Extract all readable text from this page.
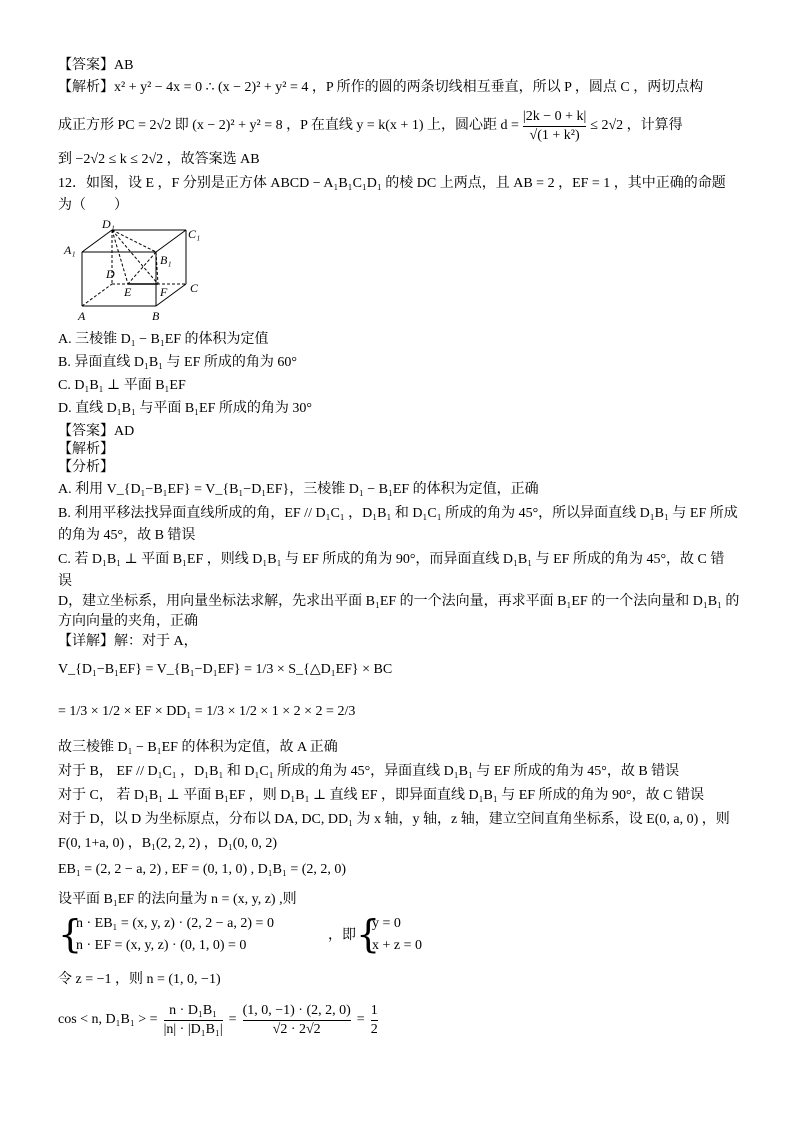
【答案】AB
【解析】x² + y² − 4x = 0 ∴ (x − 2)² + y² = 4 ，P 所作的圆的两条切线相互垂直，所以 P ，圆点 C ，两切点构
成正方形 PC = 2√2 即 (x − 2)² + y² = 8 ，P 在直线 y = k(x + 1) 上，圆心距 $d = \frac{|2k - 0 + k|}{\text{√(1 + k²)}} \le 2√2$ ，计算得
到 −2√2 ≤ k ≤ 2√2 ，故答案选 AB
12．如图，设 E ，F 分别是正方体 ABCD − A₁B₁C₁D₁ 的棱 DC 上两点，且 AB = 2 ，EF = 1 ，其中正确的命题
为（　　）
D₁
C₁
A₁
B₁
D
E F C
A	B
A. 三棱锥 D₁ − B₁EF 的体积为定值
B. 异面直线 D₁B₁ 与 EF 所成的角为 60°
C. D₁B₁ ⊥ 平面 B₁EF
D. 直线 D₁B₁ 与平面 B₁EF 所成的角为 30°
【答案】AD
【解析】
【分析】
A. 利用 V_{D₁−B₁EF} = V_{B₁−D₁EF}，三棱锥 D₁ − B₁EF 的体积为定值，正确
B. 利用平移法找异面直线所成的角，EF // D₁C₁ ，D₁B₁ 和 D₁C₁ 所成的角为 45°，所以异面直线 D₁B₁ 与 EF 所成
的角为 45°，故 B 错误
C. 若 D₁B₁ ⊥ 平面 B₁EF ，则线 D₁B₁ 与 EF 所成的角为 90°，而异面直线 D₁B₁ 与 EF 所成的角为 45°，故 C 错
误
D，建立坐标系，用向量坐标法求解，先求出平面 B₁EF 的一个法向量，再求平面 B₁EF 的一个法向量和 D₁B₁ 的
方向向量的夹角，正确
【详解】解：对于 A，
V_{D₁−B₁EF} = V_{B₁−D₁EF} = 1/3 × S_{△D₁EF} × BC
= 1/3 × 1/2 × EF × DD₁ = 1/3 × 1/2 × 1 × 2 × 2 = 2/3
故三棱锥 D₁ − B₁EF 的体积为定值，故 A 正确
对于 B， EF // D₁C₁ ，D₁B₁ 和 D₁C₁ 所成的角为 45°，异面直线 D₁B₁ 与 EF 所成的角为 45°，故 B 错误
对于 C， 若 D₁B₁ ⊥ 平面 B₁EF ，则 D₁B₁ ⊥ 直线 EF ，即异面直线 D₁B₁ 与 EF 所成的角为 90°，故 C 错误
对于 D，以 D 为坐标原点，分布以 DA, DC, DD₁ 为 x 轴，y 轴，z 轴，建立空间直角坐标系，设 E(0, a, 0) ，则
F(0, 1+a, 0) ，B₁(2, 2, 2) ，D₁(0, 0, 2)
EB₁ = (2, 2 − a, 2) , EF = (0, 1, 0) , D₁B₁ = (2, 2, 0)
设平面 B₁EF 的法向量为 n = (x, y, z) ,则
{
n · EB₁ = (x, y, z) · (2, 2 − a, 2) = 0
n · EF = (x, y, z) · (0, 1, 0) = 0
，即 {
y = 0
x + z = 0
令 z = −1 ，则 n = (1, 0, −1)
cos < n, D₁B₁ > = $\frac{\text{n · D₁B₁}}{\text{|n| · |D₁B₁|}} = \frac{(1, 0, -1) \cdot (2, 2, 0)}{√2 \cdot 2√2} = \frac{1}{2}$
